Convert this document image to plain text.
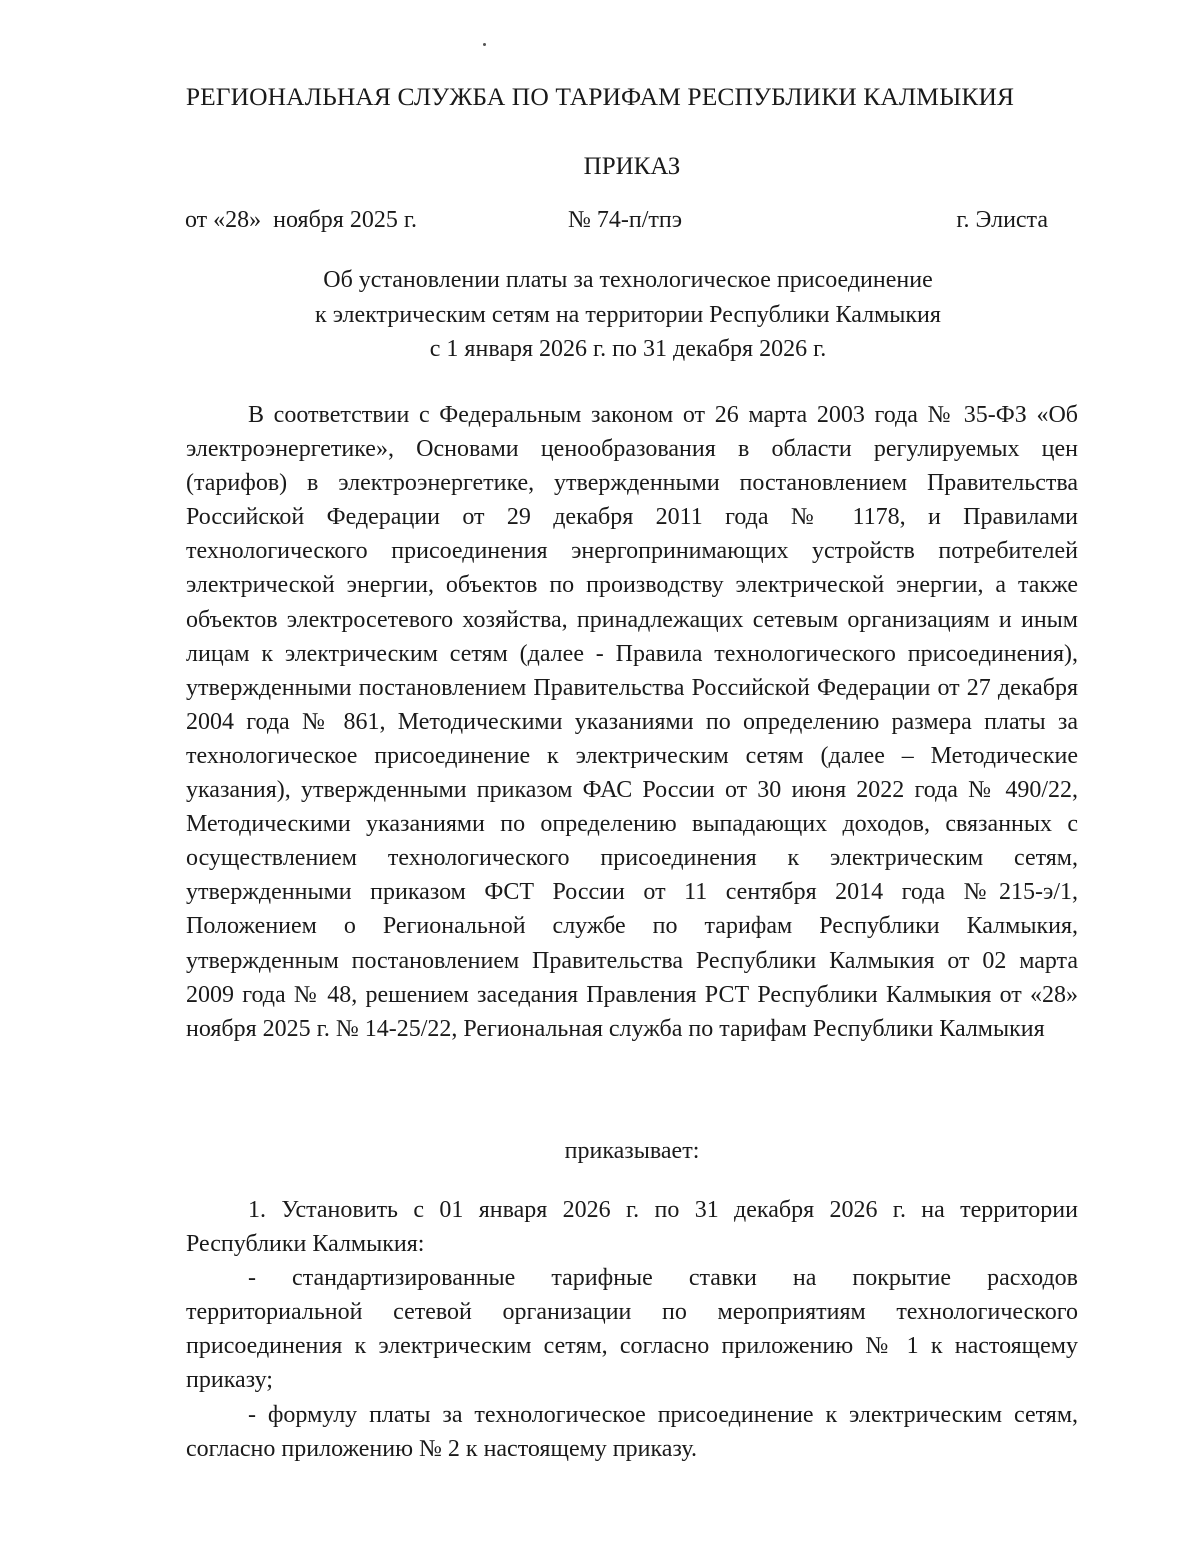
РЕГИОНАЛЬНАЯ СЛУЖБА ПО ТАРИФАМ РЕСПУБЛИКИ КАЛМЫКИЯ
ПРИКАЗ
от «28»  ноября 2025 г.	№ 74-п/тпэ	г. Элиста
Об установлении платы за технологическое присоединение
к электрическим сетям на территории Республики Калмыкия
с 1 января 2026 г. по 31 декабря 2026 г.

В соответствии с Федеральным законом от 26 марта 2003 года № 35-ФЗ «Об электроэнергетике», Основами ценообразования в области регулируемых цен (тарифов) в электроэнергетике, утвержденными постановлением Правительства Российской Федерации от 29 декабря 2011 года № 1178, и Правилами технологического присоединения энергопринимающих устройств потребителей электрической энергии, объектов по производству электрической энергии, а также объектов электросетевого хозяйства, принадлежащих сетевым организациям и иным лицам к электрическим сетям (далее - Правила технологического присоединения), утвержденными постановлением Правительства Российской Федерации от 27 декабря 2004 года № 861, Методическими указаниями по определению размера платы за технологическое присоединение к электрическим сетям (далее – Методические указания), утвержденными приказом ФАС России от 30 июня 2022 года № 490/22, Методическими указаниями по определению выпадающих доходов, связанных с осуществлением технологического присоединения к электрическим сетям, утвержденными приказом ФСТ России от 11 сентября 2014 года №215-э/1, Положением о Региональной службе по тарифам Республики Калмыкия, утвержденным постановлением Правительства Республики Калмыкия от 02 марта 2009 года № 48, решением заседания Правления РСТ Республики Калмыкия от «28» ноября 2025 г. № 14-25/22, Региональная служба по тарифам Республики Калмыкия

приказывает:

1. Установить с 01 января 2026 г. по 31 декабря 2026 г. на территории Республики Калмыкия:

- стандартизированные тарифные ставки на покрытие расходов территориальной сетевой организации по мероприятиям технологического присоединения к электрическим сетям, согласно приложению № 1 к настоящему приказу;

- формулу платы за технологическое присоединение к электрическим сетям, согласно приложению № 2 к настоящему приказу.
